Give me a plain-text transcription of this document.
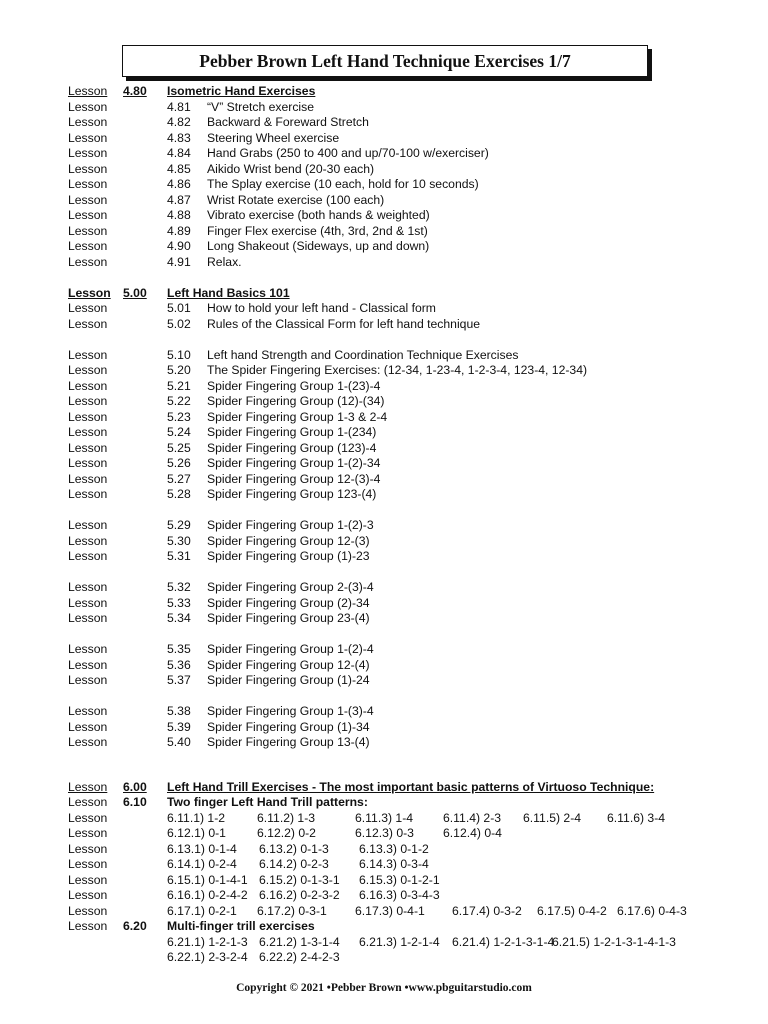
Pebber Brown Left Hand Technique Exercises 1/7
Lesson 4.80 Isometric Hand Exercises
Lesson	4.81 “V” Stretch exercise
Lesson	4.82 Backward & Foreward Stretch
Lesson	4.83 Steering Wheel exercise
Lesson	4.84 Hand Grabs (250 to 400 and up/70-100 w/exerciser)
Lesson	4.85 Aikido Wrist bend (20-30 each)
Lesson	4.86 The Splay exercise (10 each, hold for 10 seconds)
Lesson	4.87 Wrist Rotate exercise (100 each)
Lesson	4.88 Vibrato exercise (both hands & weighted)
Lesson	4.89 Finger Flex exercise (4th, 3rd, 2nd & 1st)
Lesson	4.90 Long Shakeout (Sideways, up and down)
Lesson	4.91 Relax.
Lesson 5.00 Left Hand Basics 101
Lesson	5.01 How to hold your left hand - Classical form
Lesson	5.02 Rules of the Classical Form for left hand technique
Lesson	5.10 Left hand Strength and Coordination Technique Exercises
Lesson	5.20 The Spider Fingering Exercises: (12-34, 1-23-4, 1-2-3-4, 123-4, 12-34)
Lesson	5.21 Spider Fingering Group 1-(23)-4
Lesson	5.22 Spider Fingering Group (12)-(34)
Lesson	5.23 Spider Fingering Group 1-3 & 2-4
Lesson	5.24 Spider Fingering Group 1-(234)
Lesson	5.25 Spider Fingering Group (123)-4
Lesson	5.26 Spider Fingering Group 1-(2)-34
Lesson	5.27 Spider Fingering Group 12-(3)-4
Lesson	5.28 Spider Fingering Group 123-(4)
Lesson	5.29 Spider Fingering Group 1-(2)-3
Lesson	5.30 Spider Fingering Group 12-(3)
Lesson	5.31 Spider Fingering Group (1)-23
Lesson	5.32 Spider Fingering Group 2-(3)-4
Lesson	5.33 Spider Fingering Group (2)-34
Lesson	5.34 Spider Fingering Group 23-(4)
Lesson	5.35 Spider Fingering Group 1-(2)-4
Lesson	5.36 Spider Fingering Group 12-(4)
Lesson	5.37 Spider Fingering Group (1)-24
Lesson	5.38 Spider Fingering Group 1-(3)-4
Lesson	5.39 Spider Fingering Group (1)-34
Lesson	5.40 Spider Fingering Group 13-(4)
Lesson 6.00 Left Hand Trill Exercises - The most important basic patterns of Virtuoso Technique:
Lesson 6.10 Two finger Left Hand Trill patterns:
Lesson	6.11.1) 1-2	6.11.2) 1-3	6.11.3) 1-4 6.11.4) 2-3 6.11.5) 2-4 6.11.6) 3-4
Lesson	6.12.1) 0-1	6.12.2) 0-2	6.12.3) 0-3 6.12.4) 0-4
Lesson	6.13.1) 0-1-4 6.13.2) 0-1-3 6.13.3) 0-1-2
Lesson	6.14.1) 0-2-4 6.14.2) 0-2-3 6.14.3) 0-3-4
Lesson	6.15.1) 0-1-4-1 6.15.2) 0-1-3-1 6.15.3) 0-1-2-1
Lesson	6.16.1) 0-2-4-2 6.16.2) 0-2-3-2 6.16.3) 0-3-4-3
Lesson	6.17.1) 0-2-1 6.17.2) 0-3-1 6.17.3) 0-4-1 6.17.4) 0-3-2 6.17.5) 0-4-2 6.17.6) 0-4-3
Lesson 6.20 Multi-finger trill exercises
6.21.1) 1-2-1-3 6.21.2) 1-3-1-4 6.21.3) 1-2-1-4 6.21.4) 1-2-1-3-1-4
6.21.5) 1-2-1-3-1-4-1-3
6.22.1) 2-3-2-4 6.22.2) 2-4-2-3
Copyright © 2021 •Pebber Brown •www.pbguitarstudio.com
